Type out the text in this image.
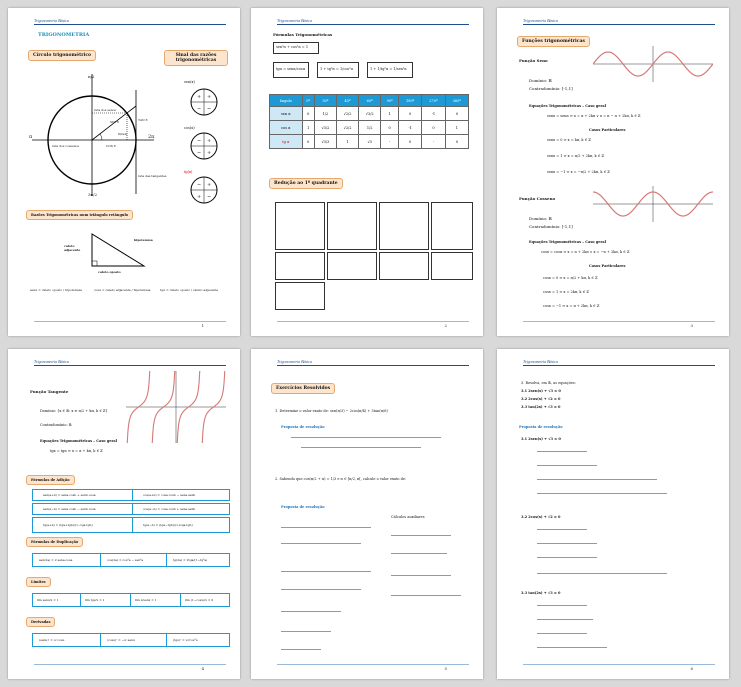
Trigonometria Básica
TRIGONOMETRIA
Círculo trigonométrico	Sinal das razões trigonométricas
π/2
π	2π
3π/2
SIN θ
COS θ
TAN θ
θ(rad)
reta dos cossenos
reta dos senos
reta das tangentes
sen(x)
cos(x)
tg(x)
+ +
− −
− +
− +
− +
+ −
Razões Trigonométricas num triângulo retângulo
cateto adjacente
hipotenusa
cateto oposto
senα = cateto oposto / hipotenusa	cosα = cateto adjacente / hipotenusa	tgα = cateto oposto / cateto adjacente
1
Trigonometria Básica
Fórmulas Trigonométricas
sen²α + cos²α = 1
tgα = senα/cosα	1 + tg²α = 1/cos²α	1 + 1/tg²α = 1/sen²α
ângulo	0º	30º	45º	60º	90º	180º	270º	360º
sen α	0	1/2	√2/2	√3/2	1	0	-1	0
cos α	1	√3/2	√2/2	1/2	0	-1	0	1
tg α	0	√3/3	1	√3	-	0	-	0
Redução ao 1º quadrante
2
Trigonometria Básica
Funções trigonométricas
Função Seno
Domínio: ℝ
Contradomínio: [-1,1]
Equações Trigonométricas – Caso geral
senx = senα ⇔ x = α + 2kπ ∨ x = π − α + 2kπ, k ∈ ℤ
Casos Particulares
senx = 0 ⇔ x = kπ, k ∈ ℤ
senx = 1 ⇔ x = π/2 + 2kπ, k ∈ ℤ
senx = −1 ⇔ x = −π/2 + 2kπ, k ∈ ℤ
Função Cosseno
Domínio: ℝ
Contradomínio: [-1,1]
Equações Trigonométricas – Caso geral
cosx = cosα ⇔ x = α + 2kπ ∨ x = −α + 2kπ, k ∈ ℤ
Casos Particulares
cosx = 0 ⇔ x = π/2 + kπ, k ∈ ℤ
cosx = 1 ⇔ x = 2kπ, k ∈ ℤ
cosx = −1 ⇔ x = π + 2kπ, k ∈ ℤ
3
Trigonometria Básica
Função Tangente
Domínio: {x ∈ ℝ: x ≠ π/2 + kπ, k ∈ ℤ}
Contradomínio: ℝ
Equações Trigonométricas – Caso geral
tgx = tgα ⇔ x = α + kπ, k ∈ ℤ
Fórmulas de Adição
sen(a+b) = sena·cosb + senb·cosa	cos(a+b) = cosa·cosb − sena·senb
sen(a−b) = sena·cosb − senb·cosa	cos(a−b) = cosa·cosb + sena·senb
tg(a+b) = (tga+tgb)/(1−tga·tgb)	tg(a−b) = (tga−tgb)/(1+tga·tgb)
Fórmulas de Duplicação
sen(2a) = 2 sena·cosa	cos(2a) = cos²a − sen²a	tg(2a) = 2tga/(1−tg²a)
Limites
lim senx/x = 1	lim tgx/x = 1	lim x/senx = 1	lim (1−cosx)/x = 0
Derivadas
(senu)' = u'·cosu	(cosu)' = −u'·senu	(tgu)' = u'/cos²u
4
Trigonometria Básica
Exercícios Resolvidos
1. Determine o valor exato de: sen(π/3) − 2cos(π/4) + 3tan(π/6)
Proposta de resolução
2. Sabendo que cos(π/2 + α) = 1/3 e α ∈ ]π/2, π[, calcule o valor exato de:
Proposta de resolução
Cálculos auxiliares
5
Trigonometria Básica
3. Resolva, em ℝ, as equações:
3.1 2sen(x) + √3 = 0
3.2 2cos(x) + √2 = 0
3.3 tan(2x) + √3 = 0
Proposta de resolução
3.1 2sen(x) + √3 = 0
3.2 2cos(x) + √2 = 0
3.3 tan(2x) + √3 = 0
6
